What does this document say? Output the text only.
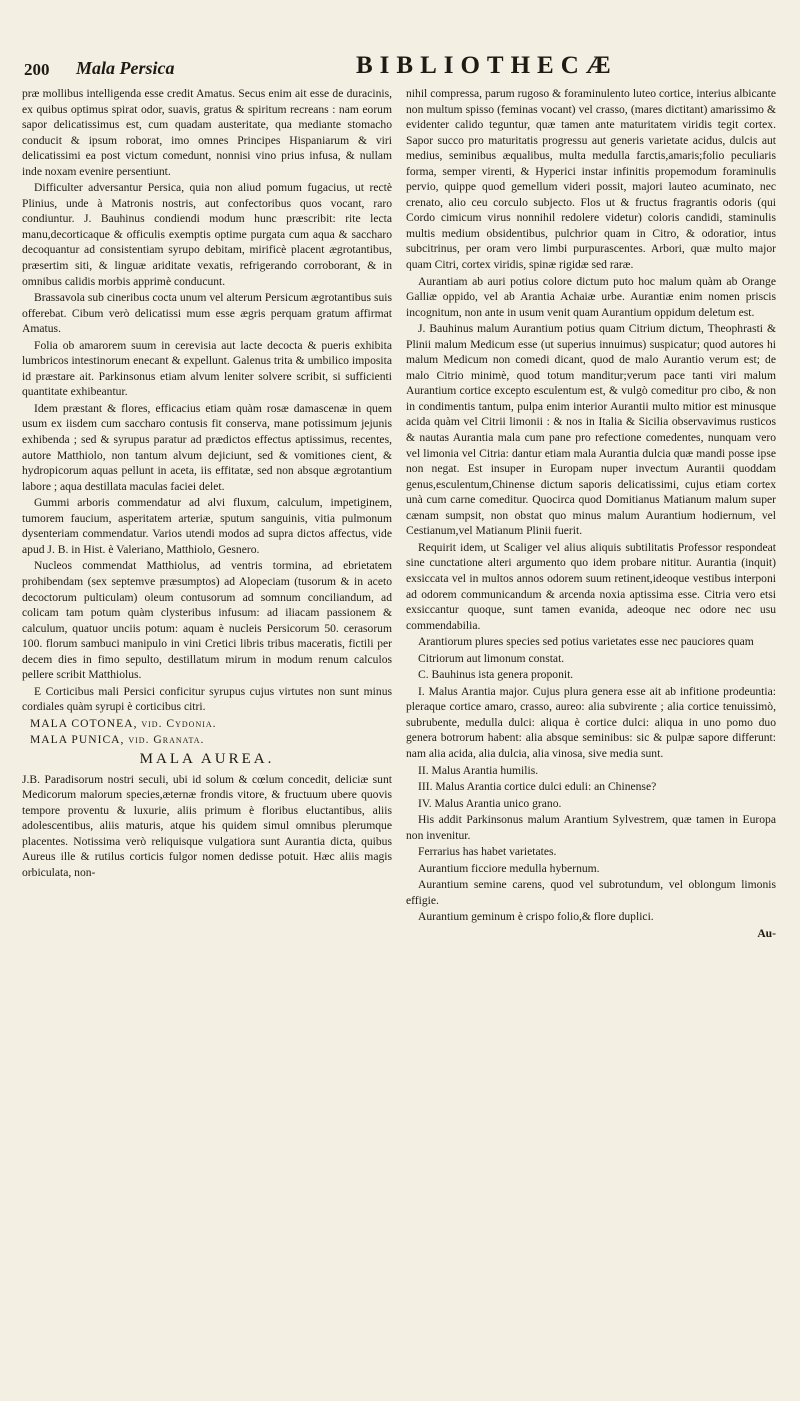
200 Mala Persica	BIBLIOTHECÆ

præ mollibus intelligenda esse credit Amatus. Secus enim ait esse de duracinis, ex quibus optimus spirat odor, suavis, gratus & spiritum recreans : nam eorum sapor delicatissimus est, cum quadam austeritate, qua mediante stomacho conducit & ipsum roborat, imo omnes Principes Hispaniarum & viri delicatissimi ea post victum comedunt, nonnisi vino prius infusa, & nullam inde noxam evenire persentiunt.

Difficulter adversantur Persica, quia non aliud pomum fugacius, ut rectè Plinius, unde à Matronis nostris, aut confectoribus quos vocant, raro condiuntur. J. Bauhinus condiendi modum hunc præscribit: rite lecta manu,decorticaque & officulis exemptis optime purgata cum aqua & saccharo decoquantur ad consistentiam syrupo debitam, mirificè placent ægrotantibus, præsertim siti, & linguæ ariditate vexatis, refrigerando corroborant, & in omnibus calidis morbis apprimè conducunt.

Brassavola sub cineribus cocta unum vel alterum Persicum ægrotantibus suis offerebat. Cibum verò delicatissi mum esse ægris perquam gratum affirmat Amatus.

Folia ob amarorem suum in cerevisia aut lacte decocta & pueris exhibita lumbricos intestinorum enecant & expellunt. Galenus trita & umbilico imposita id præstare ait. Parkinsonus etiam alvum leniter solvere scribit, si sufficienti quantitate exhibeantur.

Idem præstant & flores, efficacius etiam quàm rosæ damascenæ in quem usum ex iisdem cum saccharo contusis fit conserva, mane potissimum jejunis exhibenda ; sed & syrupus paratur ad prædictos effectus aptissimus, recentes, autore Matthiolo, non tantum alvum dejiciunt, sed & vomitiones cient, & hydropicorum aquas pellunt in aceta, iis effitatæ, sed non absque ægrotantium labore ; aqua destillata maculas faciei delet.

Gummi arboris commendatur ad alvi fluxum, calculum, impetiginem, tumorem faucium, asperitatem arteriæ, sputum sanguinis, vitia pulmonum dysenteriam commendatur. Varios utendi modos ad supra dictos affectus, vide apud J. B. in Hist. è Valeriano, Matthiolo, Gesnero.

Nucleos commendat Matthiolus, ad ventris tormina, ad ebrietatem prohibendam (sex septemve præsumptos) ad Alopeciam (tusorum & in aceto decoctorum pulticulam) oleum contusorum ad somnum conciliandum, ad colicam tam potum quàm clysteribus infusum: ad iliacam passionem & calculum, quatuor unciis potum: aquam è nucleis Persicorum 50. cerasorum 100. florum sambuci manipulo in vini Cretici libris tribus maceratis, fictili per decem dies in fimo sepulto, destillatum mirum in modum renum calculos pellere scribit Matthiolus.

E Corticibus mali Persici conficitur syrupus cujus virtutes non sunt minus cordiales quàm syrupi è corticibus citri.

MALA COTONEA, vid. Cydonia.

MALA PUNICA, vid. Granata.

MALA AUREA.

J.B. Paradisorum nostri seculi, ubi id solum & cœlum concedit, deliciæ sunt Medicorum malorum species,æternæ frondis vitore, & fructuum ubere quovis tempore proventu & luxurie, aliis primum è floribus eluctantibus, aliis adolescentibus, aliis maturis, atque his quidem simul omnibus plerumque placentes. Notissima verò reliquisque vulgatiora sunt Aurantia dicta, quibus Aureus ille & rutilus corticis fulgor nomen dedisse potuit. Hæc aliis magis orbiculata, non-

nihil compressa, parum rugoso & foraminulento luteo cortice, interius albicante non multum spisso (feminas vocant) vel crasso, (mares dictitant) amarissimo & evidenter calido teguntur, quæ tamen ante maturitatem viridis tegit cortex. Sapor succo pro maturitatis progressu aut generis varietate acidus, dulcis aut medius, seminibus æqualibus, multa medulla farctis,amaris;folio peculiaris forma, semper virenti, & Hyperici instar infinitis propemodum foraminulis pervio, quippe quod gemellum videri possit, majori lauteo acuminato, nec crenato, alio ceu corculo subjecto. Flos ut & fructus fragrantis odoris (qui Cordo cimicum virus nonnihil redolere videtur) coloris candidi, staminulis multis medium obsidentibus, pulchrior quam in Citro, & odoratior, intus subcitrinus, per oram vero limbi purpurascentes. Arbori, quæ multo major quam Citri, cortex viridis, spinæ rigidæ sed raræ.

Aurantiam ab auri potius colore dictum puto hoc malum quàm ab Orange Galliæ oppido, vel ab Arantia Achaiæ urbe. Aurantiæ enim nomen priscis incognitum, non ante in usum venit quam Aurantium oppidum deletum est.

J. Bauhinus malum Aurantium potius quam Citrium dictum, Theophrasti & Plinii malum Medicum esse (ut superius innuimus) suspicatur; quod autores hi malum Medicum non comedi dicant, quod de malo Aurantio verum est; de malo Citrio minimè, quod totum manditur;verum pace tanti viri malum Aurantium cortice excepto esculentum est, & vulgò comeditur pro cibo, & non in condimentis tantum, pulpa enim interior Aurantii multo mitior est minusque acida quàm vel Citrii limonii : & nos in Italia & Sicilia observavimus rusticos & nautas Aurantia mala cum pane pro refectione comedentes, nunquam vero vel limonia vel Citria: dantur etiam mala Aurantia dulcia quæ mandi posse ipse non negat. Est insuper in Europam nuper invectum Aurantii quoddam genus,esculentum,Chinense dictum saporis delicatissimi, cujus etiam cortex unà cum carne comeditur. Quocirca quod Domitianus Matianum malum super cænam sumpsit, non obstat quo minus malum Aurantium hodiernum, vel Cestianum,vel Matianum Plinii fuerit.

Requirit idem, ut Scaliger vel alius aliquis subtilitatis Professor respondeat sine cunctatione alteri argumento quo idem probare nititur. Aurantia (inquit) exsiccata vel in multos annos odorem suum retinent,ideoque vestibus interponi ad odorem communicandum & arcenda noxia aptissima esse. Citria vero etsi exsiccantur quoque, sunt tamen evanida, adeoque nec odore nec usu commendabilia.

Arantiorum plures species sed potius varietates esse nec pauciores quam

Citriorum aut limonum constat.

C. Bauhinus ista genera proponit.

I. Malus Arantia major. Cujus plura genera esse ait ab infitione prodeuntia: pleraque cortice amaro, crasso, aureo: alia subvirente ; alia cortice tenuissimò, subrubente, medulla dulci: aliqua è cortice dulci: aliqua in uno pomo duo genera botrorum habent: alia absque seminibus: sic & pulpæ sapore differunt: nam alia acida, alia dulcia, alia vinosa, sive media sunt.

II. Malus Arantia humilis.

III. Malus Arantia cortice dulci eduli: an Chinense?

IV. Malus Arantia unico grano.

His addit Parkinsonus malum Arantium Sylvestrem, quæ tamen in Europa non invenitur.

Ferrarius has habet varietates.

Aurantium ficciore medulla hybernum.

Aurantium semine carens, quod vel subrotundum, vel oblongum limonis effigie.

Aurantium geminum è crispo folio,& flore duplici.

Au-
